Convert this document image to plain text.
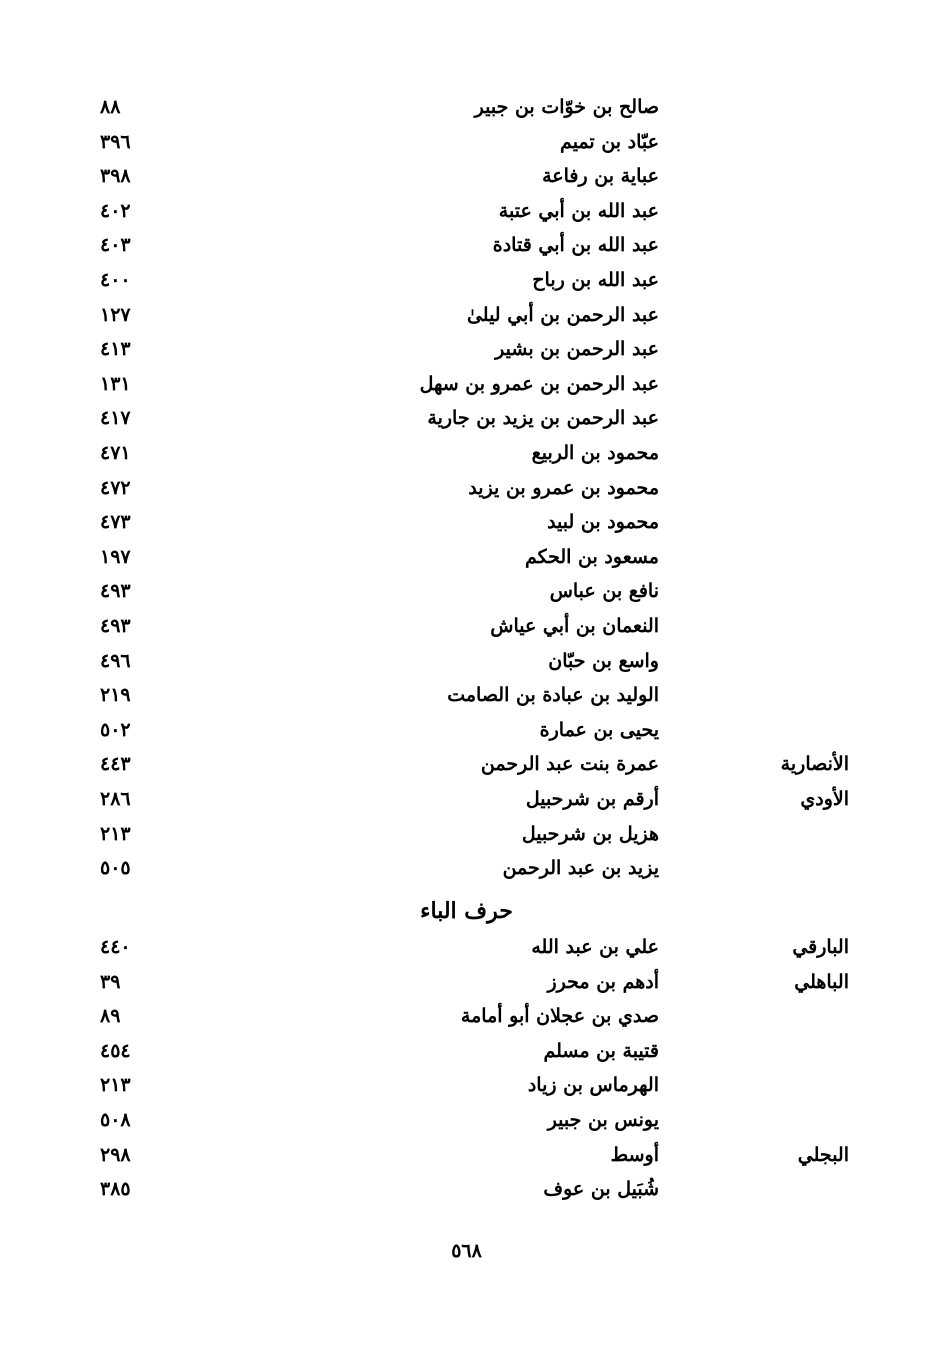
صالح بن خوّات بن جبير
٨٨
عبّاد بن تميم
٣٩٦
عباية بن رفاعة
٣٩٨
عبد الله بن أبي عتبة
٤٠٢
عبد الله بن أبي قتادة
٤٠٣
عبد الله بن رباح
٤٠٠
عبد الرحمن بن أبي ليلىٰ
١٢٧
عبد الرحمن بن بشير
٤١٣
عبد الرحمن بن عمرو بن سهل
١٣١
عبد الرحمن بن يزيد بن جارية
٤١٧
محمود بن الربيع
٤٧١
محمود بن عمرو بن يزيد
٤٧٢
محمود بن لبيد
٤٧٣
مسعود بن الحكم
١٩٧
نافع بن عباس
٤٩٣
النعمان بن أبي عياش
٤٩٣
واسع بن حبّان
٤٩٦
الوليد بن عبادة بن الصامت
٢١٩
يحيى بن عمارة
٥٠٢
الأنصارية
عمرة بنت عبد الرحمن
٤٤٣
الأودي
أرقم بن شرحبيل
٢٨٦
هزيل بن شرحبيل
٢١٣
يزيد بن عبد الرحمن
٥٠٥
حرف الباء
البارقي
علي بن عبد الله
٤٤٠
الباهلي
أدهم بن محرز
٣٩
صدي بن عجلان أبو أمامة
٨٩
قتيبة بن مسلم
٤٥٤
الهرماس بن زياد
٢١٣
يونس بن جبير
٥٠٨
البجلي
أوسط
٢٩٨
شُبَيل بن عوف
٣٨٥
٥٦٨
